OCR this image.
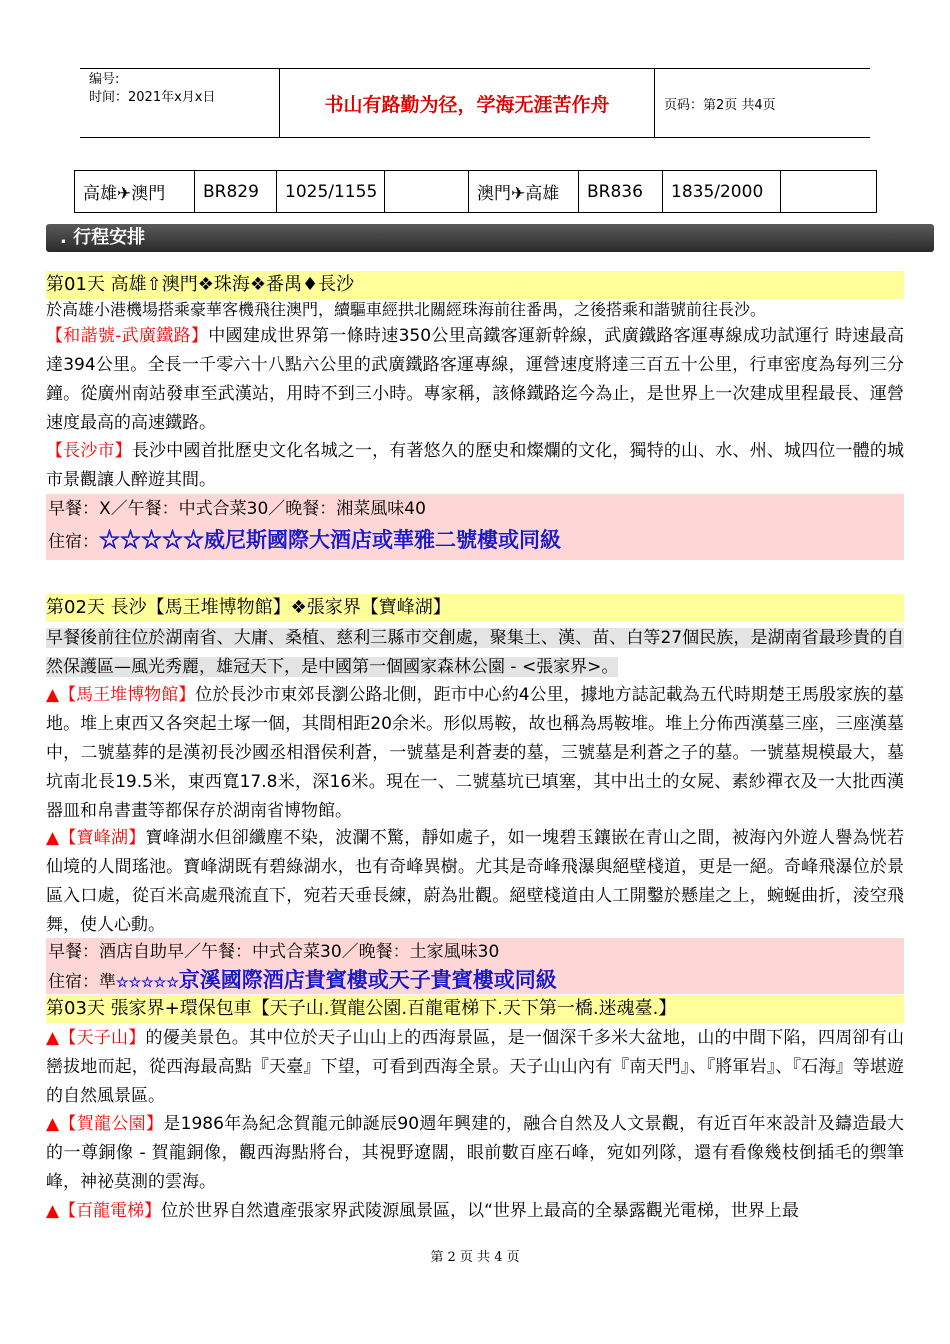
编号:
时间：2021年x月x日	书山有路勤为径，学海无涯苦作舟	页码：第2页 共4页
高雄✈澳門	BR829	1025/1155		澳門✈高雄	BR836	1835/2000	
. 行程安排
第01天 高雄⇧澳門❖珠海❖番禺♦長沙
於高雄小港機場搭乘豪華客機飛往澳門，續驅車經拱北關經珠海前往番禺，之後搭乘和諧號前往長沙。
【和諧號-武廣鐵路】中國建成世界第一條時速350公里高鐵客運新幹線，武廣鐵路客運專線成功試運行 時速最高達394公里。全長一千零六十八點六公里的武廣鐵路客運專線，運營速度將達三百五十公里，行車密度為每列三分鐘。從廣州南站發車至武漢站，用時不到三小時。專家稱，該條鐵路迄今為止，是世界上一次建成里程最長、運營速度最高的高速鐵路。
【長沙市】長沙中國首批歷史文化名城之一，有著悠久的歷史和燦爛的文化，獨特的山、水、州、城四位一體的城市景觀讓人醉遊其間。
早餐：X／午餐：中式合菜30／晚餐：湘菜風味40
住宿：☆☆☆☆☆威尼斯國際大酒店或華雅二號樓或同級
第02天 長沙【馬王堆博物館】❖張家界【寶峰湖】
早餐後前往位於湖南省、大庸、桑植、慈利三縣市交創處，聚集土、漢、苗、白等27個民族，是湖南省最珍貴的自然保護區—風光秀麗，雄冠天下，是中國第一個國家森林公園 - <張家界>。
▲【馬王堆博物館】位於長沙市東郊長瀏公路北側，距市中心約4公里，據地方誌記載為五代時期楚王馬殷家族的墓地。堆上東西又各突起土塚一個，其間相距20余米。形似馬鞍，故也稱為馬鞍堆。堆上分佈西漢墓三座，三座漢墓中，二號墓葬的是漢初長沙國丞相湣侯利蒼，一號墓是利蒼妻的墓，三號墓是利蒼之子的墓。一號墓規模最大，墓坑南北長19.5米，東西寬17.8米，深16米。現在一、二號墓坑已填塞，其中出土的女屍、素紗禪衣及一大批西漢器皿和帛書畫等都保存於湖南省博物館。
▲【寶峰湖】寶峰湖水但卻纖塵不染，波瀾不驚，靜如處子，如一塊碧玉鑲嵌在青山之間，被海內外遊人譽為恍若仙境的人間瑤池。寶峰湖既有碧綠湖水，也有奇峰異樹。尤其是奇峰飛瀑與絕壁棧道，更是一絕。奇峰飛瀑位於景區入口處，從百米高處飛流直下，宛若天垂長練，蔚為壯觀。絕壁棧道由人工開鑿於懸崖之上，蜿蜒曲折，淩空飛舞，使人心動。
早餐：酒店自助早／午餐：中式合菜30／晚餐：土家風味30
住宿：準☆☆☆☆☆京溪國際酒店貴賓樓或天子貴賓樓或同級
第03天 張家界+環保包車【天子山.賀龍公園.百龍電梯下.天下第一橋.迷魂臺.】
▲【天子山】的優美景色。其中位於天子山山上的西海景區，是一個深千多米大盆地，山的中間下陷，四周卻有山巒拔地而起，從西海最高點『天臺』下望，可看到西海全景。天子山山內有『南天門』、『將軍岩』、『石海』等堪遊的自然風景區。
▲【賀龍公園】是1986年為紀念賀龍元帥誕辰90週年興建的，融合自然及人文景觀，有近百年來設計及鑄造最大的一尊銅像 - 賀龍銅像，觀西海點將台，其視野遼闊，眼前數百座石峰，宛如列隊，還有看像幾枝倒插毛的禦筆峰，神祕莫測的雲海。
▲【百龍電梯】位於世界自然遺產張家界武陵源風景區，以“世界上最高的全暴露觀光電梯，世界上最
第 2 页 共 4 页
